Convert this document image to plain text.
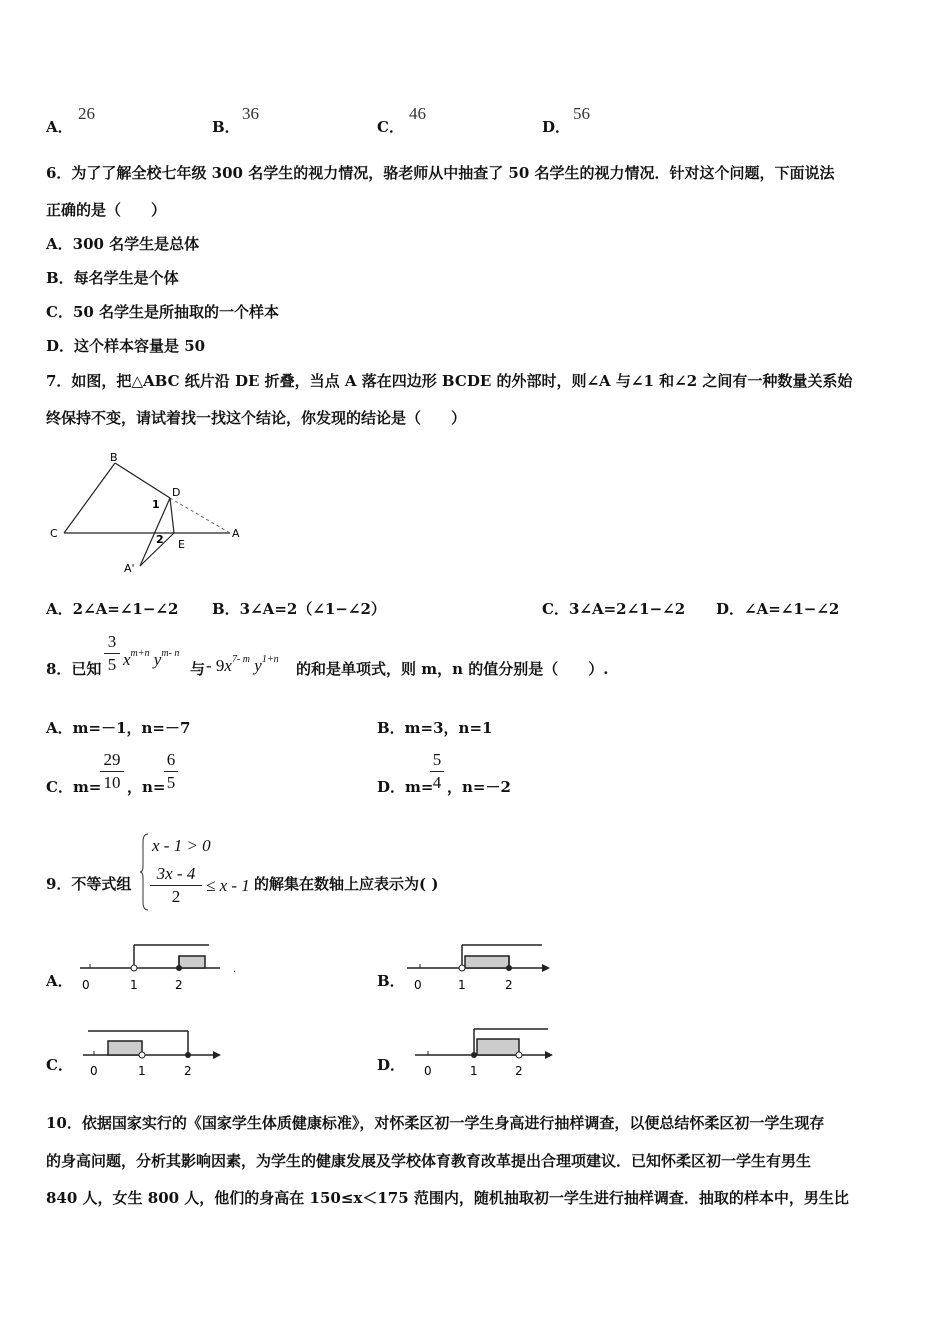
A．
26
B．
36
C．
46
D．
56
6．为了了解全校七年级 300 名学生的视力情况，骆老师从中抽查了 50 名学生的视力情况．针对这个问题，下面说法
正确的是（　　）
A．300 名学生是总体
B．每名学生是个体
C．50 名学生是所抽取的一个样本
D．这个样本容量是 50
7．如图，把△ABC 纸片沿 DE 折叠，当点 A 落在四边形 BCDE 的外部时，则∠A 与∠1 和∠2 之间有一种数量关系始
终保持不变，请试着找一找这个结论，你发现的结论是（　　）
B
C
D
A
E
A'
1
2
A．2∠A=∠1−∠2 B．3∠A=2（∠1−∠2）	C．3∠A=2∠1−∠2 D．∠A=∠1−∠2
8．已知
3
5 $x^{m+n}$ $y^{m- n}$
与 - $9x^{7- m}$ $y^{1+n}$
的和是单项式，则 m，n 的值分别是（　　）.
A．m=－1，n=－7	B．m=3，n=1
C．m=
29
10 ，n=
6
5	D．m=
5
4 ，n=－2
9．不等式组
x - 1 > 0
3x - 4
2
≤ x - 1 的解集在数轴上应表示为( )
A． 0	1	2
.
B． 0	1	2
C． 0	1	2	D． 0	1	2
10．依据国家实行的《国家学生体质健康标准》，对怀柔区初一学生身高进行抽样调查，以便总结怀柔区初一学生现存
的身高问题，分析其影响因素，为学生的健康发展及学校体育教育改革提出合理项建议．已知怀柔区初一学生有男生
840 人，女生 800 人，他们的身高在 150≤x＜175 范围内，随机抽取初一学生进行抽样调查．抽取的样本中，男生比
